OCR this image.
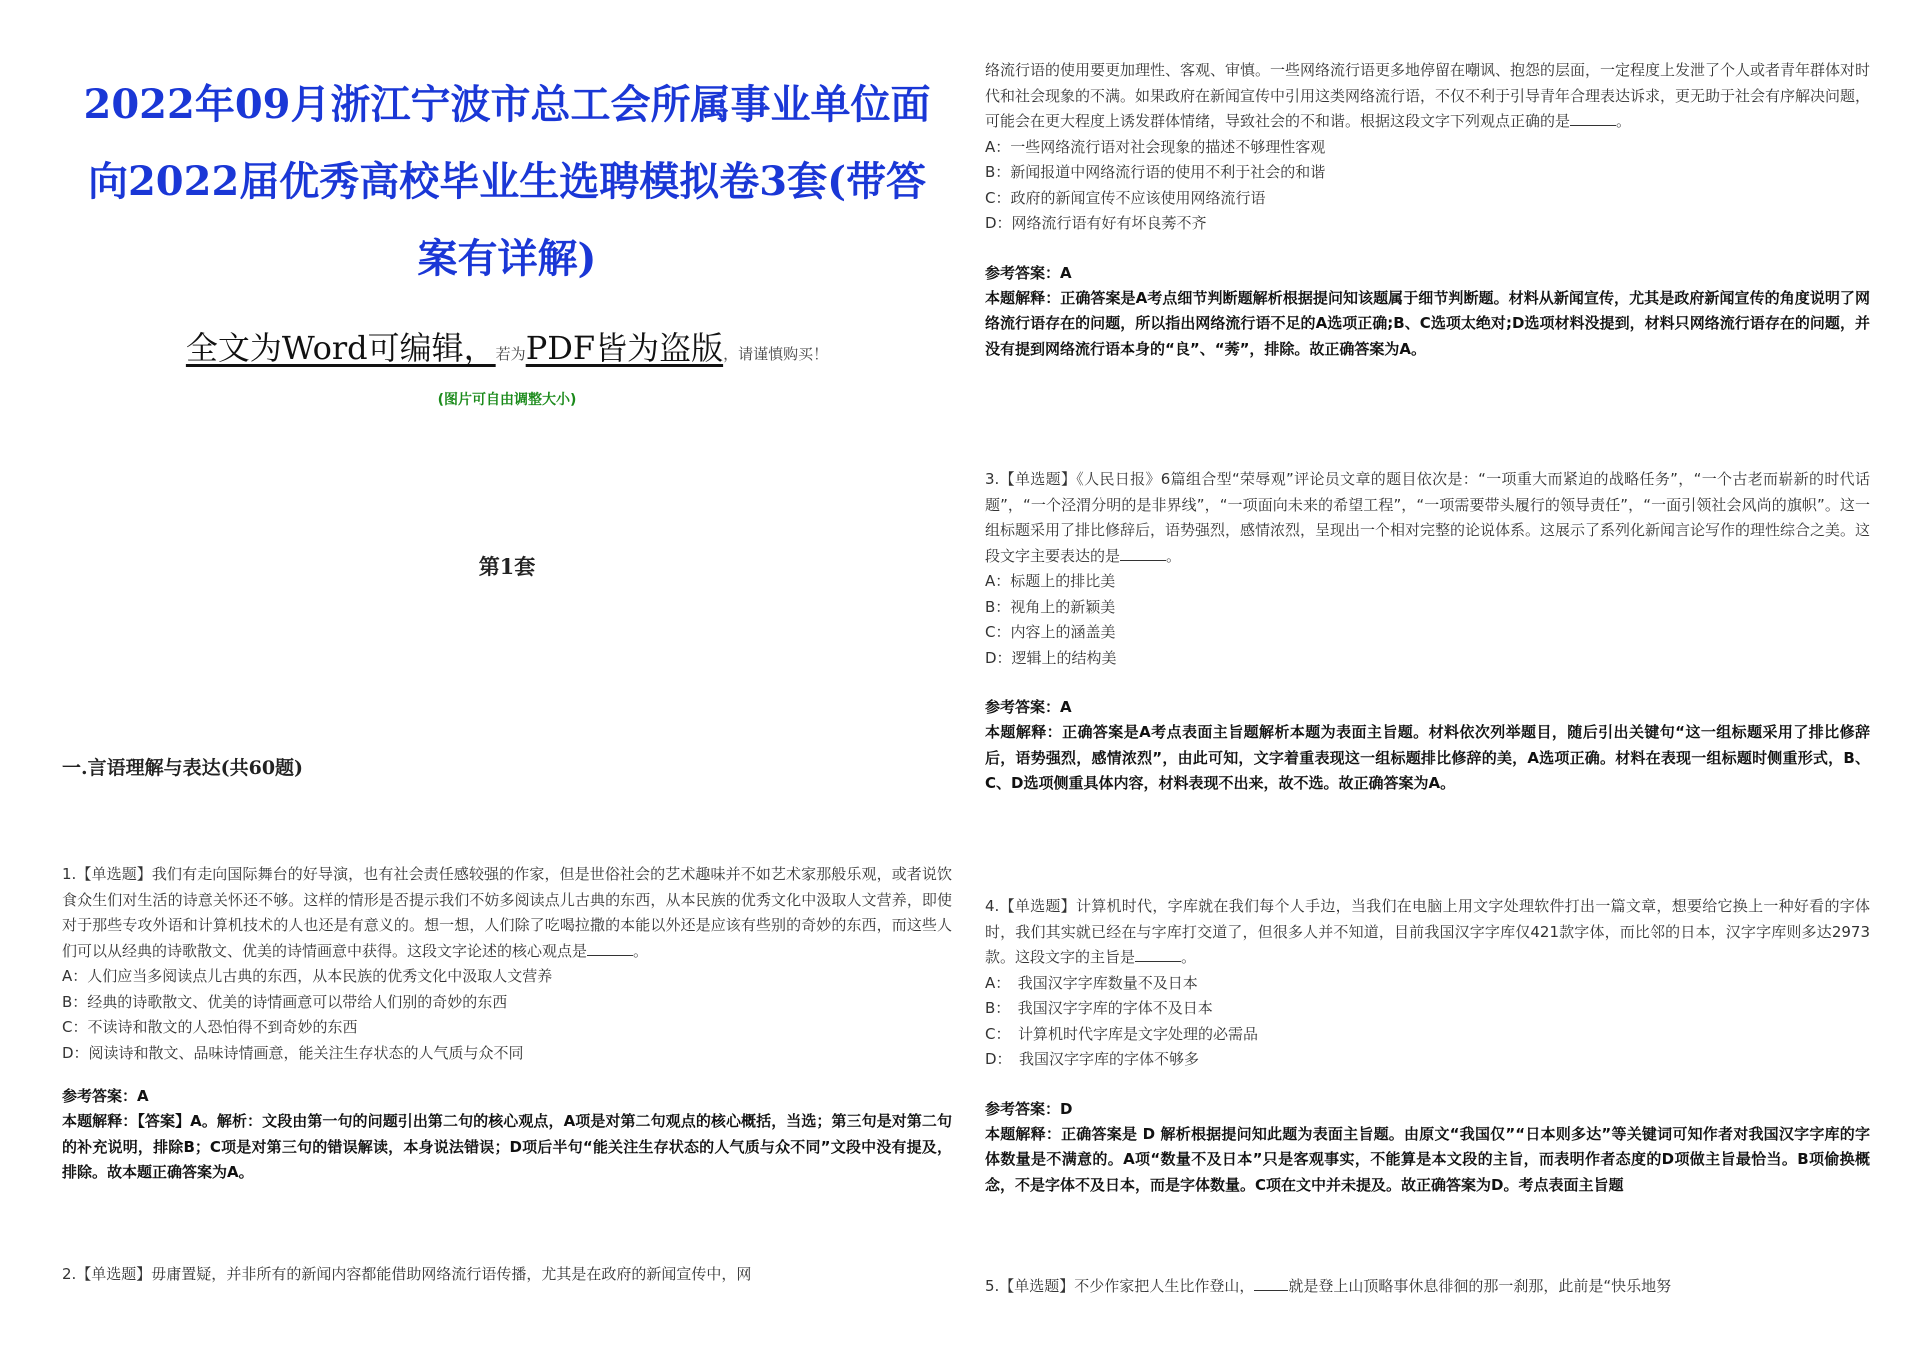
2022年09月浙江宁波市总工会所属事业单位面
向2022届优秀高校毕业生选聘模拟卷3套(带答
案有详解)
全文为Word可编辑，若为PDF皆为盗版，请谨慎购买！
(图片可自由调整大小)
第1套
一.言语理解与表达(共60题)
1.【单选题】我们有走向国际舞台的好导演，也有社会责任感较强的作家，但是世俗社会的艺术趣味并不如艺术家那般乐观，或者说饮食众生们对生活的诗意关怀还不够。这样的情形是否提示我们不妨多阅读点儿古典的东西，从本民族的优秀文化中汲取人文营养，即使对于那些专攻外语和计算机技术的人也还是有意义的。想一想，人们除了吃喝拉撒的本能以外还是应该有些别的奇妙的东西，而这些人们可以从经典的诗歌散文、优美的诗情画意中获得。这段文字论述的核心观点是	。
A：人们应当多阅读点儿古典的东西，从本民族的优秀文化中汲取人文营养
B：经典的诗歌散文、优美的诗情画意可以带给人们别的奇妙的东西
C：不读诗和散文的人恐怕得不到奇妙的东西
D：阅读诗和散文、品味诗情画意，能关注生存状态的人气质与众不同
参考答案：A
本题解释：【答案】A。解析：文段由第一句的问题引出第二句的核心观点，A项是对第二句观点的核心概括，当选；第三句是对第二句的补充说明，排除B；C项是对第三句的错误解读，本身说法错误；D项后半句“能关注生存状态的人气质与众不同”文段中没有提及，排除。故本题正确答案为A。
2.【单选题】毋庸置疑，并非所有的新闻内容都能借助网络流行语传播，尤其是在政府的新闻宣传中，网
络流行语的使用要更加理性、客观、审慎。一些网络流行语更多地停留在嘲讽、抱怨的层面，一定程度上发泄了个人或者青年群体对时代和社会现象的不满。如果政府在新闻宣传中引用这类网络流行语，不仅不利于引导青年合理表达诉求，更无助于社会有序解决问题，可能会在更大程度上诱发群体情绪，导致社会的不和谐。根据这段文字下列观点正确的是	。
A：一些网络流行语对社会现象的描述不够理性客观
B：新闻报道中网络流行语的使用不利于社会的和谐
C：政府的新闻宣传不应该使用网络流行语
D：网络流行语有好有坏良莠不齐
参考答案：A
本题解释：正确答案是A考点细节判断题解析根据提问知该题属于细节判断题。材料从新闻宣传，尤其是政府新闻宣传的角度说明了网络流行语存在的问题，所以指出网络流行语不足的A选项正确;B、C选项太绝对;D选项材料没提到，材料只网络流行语存在的问题，并没有提到网络流行语本身的“良”、“莠”，排除。故正确答案为A。
3.【单选题】《人民日报》6篇组合型“荣辱观”评论员文章的题目依次是：“一项重大而紧迫的战略任务”，“一个古老而崭新的时代话题”，“一个泾渭分明的是非界线”，“一项面向未来的希望工程”，“一项需要带头履行的领导责任”，“一面引领社会风尚的旗帜”。这一组标题采用了排比修辞后，语势强烈，感情浓烈，呈现出一个相对完整的论说体系。这展示了系列化新闻言论写作的理性综合之美。这段文字主要表达的是	。
A：标题上的排比美
B：视角上的新颖美
C：内容上的涵盖美
D：逻辑上的结构美
参考答案：A
本题解释：正确答案是A考点表面主旨题解析本题为表面主旨题。材料依次列举题目，随后引出关键句“这一组标题采用了排比修辞后，语势强烈，感情浓烈”，由此可知，文字着重表现这一组标题排比修辞的美，A选项正确。材料在表现一组标题时侧重形式，B、C、D选项侧重具体内容，材料表现不出来，故不选。故正确答案为A。
4.【单选题】计算机时代，字库就在我们每个人手边，当我们在电脑上用文字处理软件打出一篇文章，想要给它换上一种好看的字体时，我们其实就已经在与字库打交道了，但很多人并不知道，目前我国汉字字库仅421款字体，而比邻的日本，汉字字库则多达2973款。这段文字的主旨是	。
A：　我国汉字字库数量不及日本
B：　我国汉字字库的字体不及日本
C：　计算机时代字库是文字处理的必需品
D：　我国汉字字库的字体不够多
参考答案：D
本题解释：正确答案是 D 解析根据提问知此题为表面主旨题。由原文“我国仅”“日本则多达”等关键词可知作者对我国汉字字库的字体数量是不满意的。A项“数量不及日本”只是客观事实，不能算是本文段的主旨，而表明作者态度的D项做主旨最恰当。B项偷换概念，不是字体不及日本，而是字体数量。C项在文中并未提及。故正确答案为D。考点表面主旨题
5.【单选题】不少作家把人生比作登山， 就是登上山顶略事休息徘徊的那一刹那，此前是“快乐地努
